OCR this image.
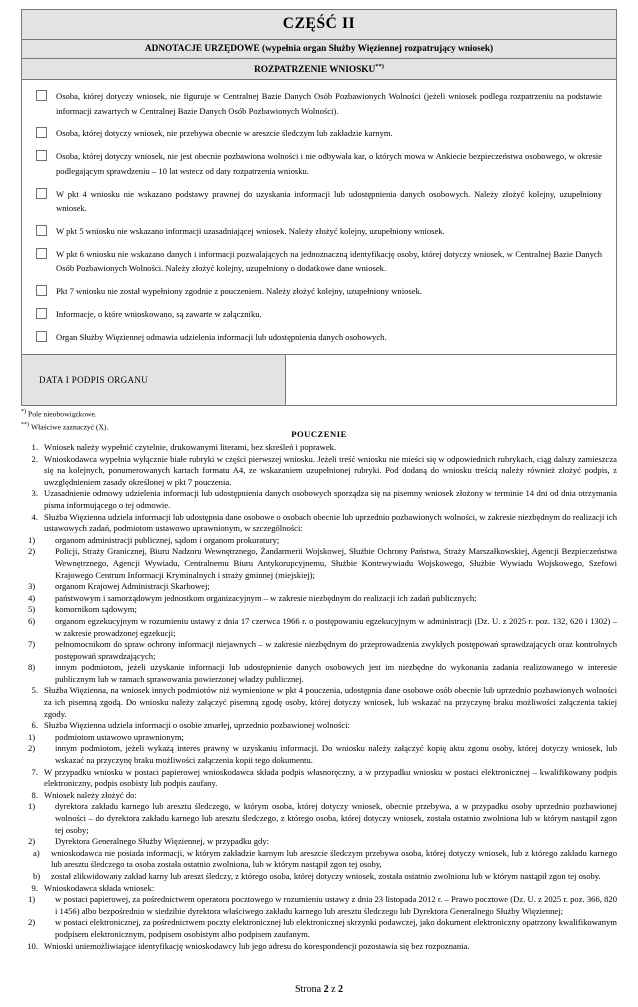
CZĘŚĆ II
ADNOTACJE URZĘDOWE (wypełnia organ Służby Więziennej rozpatrujący wniosek)
ROZPATRZENIE WNIOSKU**)
Osoba, której dotyczy wniosek, nie figuruje w Centralnej Bazie Danych Osób Pozbawionych Wolności (jeżeli wniosek podlega rozpatrzeniu na podstawie informacji zawartych w Centralnej Bazie Danych Osób Pozbawionych Wolności).
Osoba, której dotyczy wniosek, nie przebywa obecnie w areszcie śledczym lub zakładzie karnym.
Osoba, której dotyczy wniosek, nie jest obecnie pozbawiona wolności i nie odbywała kar, o których mowa w Ankiecie bezpieczeństwa osobowego, w okresie podlegającym sprawdzeniu – 10 lat wstecz od daty rozpatrzenia wniosku.
W pkt 4 wniosku nie wskazano podstawy prawnej do uzyskania informacji lub udostępnienia danych osobowych. Należy złożyć kolejny, uzupełniony wniosek.
W pkt 5 wniosku nie wskazano informacji uzasadniającej wniosek. Należy złożyć kolejny, uzupełniony wniosek.
W pkt 6 wniosku nie wskazano danych i informacji pozwalających na jednoznaczną identyfikację osoby, której dotyczy wniosek, w Centralnej Bazie Danych Osób Pozbawionych Wolności. Należy złożyć kolejny, uzupełniony o dodatkowe dane wniosek.
Pkt 7 wniosku nie został wypełniony zgodnie z pouczeniem. Należy złożyć kolejny, uzupełniony wniosek.
Informacje, o które wnioskowano, są zawarte w załączniku.
Organ Służby Więziennej odmawia udzielenia informacji lub udostępnienia danych osobowych.
DATA I PODPIS ORGANU
*) Pole nieobowiązkowe.
**) Właściwe zaznaczyć (X).
POUCZENIE
1. Wniosek należy wypełnić czytelnie, drukowanymi literami, bez skreśleń i poprawek.
2. Wnioskodawca wypełnia wyłącznie białe rubryki w części pierwszej wniosku. Jeżeli treść wniosku nie mieści się w odpowiednich rubrykach, ciąg dalszy zamieszcza się na kolejnych, ponumerowanych kartach formatu A4, ze wskazaniem uzupełnionej rubryki. Pod dodaną do wniosku treścią należy również złożyć podpis, z uwzględnieniem zasady określonej w pkt 7 pouczenia.
3. Uzasadnienie odmowy udzielenia informacji lub udostępnienia danych osobowych sporządza się na pisemny wniosek złożony w terminie 14 dni od dnia otrzymania pisma informującego o tej odmowie.
4. Służba Więzienna udziela informacji lub udostępnia dane osobowe o osobach obecnie lub uprzednio pozbawionych wolności, w zakresie niezbędnym do realizacji ich ustawowych zadań, podmiotom ustawowo uprawnionym, w szczególności:
1)	organom administracji publicznej, sądom i organom prokuratury;
2)	Policji, Straży Granicznej, Biuru Nadzoru Wewnętrznego, Żandarmerii Wojskowej, Służbie Ochrony Państwa, Straży Marszałkowskiej, Agencji Bezpieczeństwa Wewnętrznego, Agencji Wywiadu, Centralnemu Biuru Antykorupcyjnemu, Służbie Kontrwywiadu Wojskowego, Służbie Wywiadu Wojskowego, Szefowi Krajowego Centrum Informacji Kryminalnych i straży gminnej (miejskiej);
3)	organom Krajowej Administracji Skarbowej;
4)	państwowym i samorządowym jednostkom organizacyjnym – w zakresie niezbędnym do realizacji ich zadań publicznych;
5)	komornikom sądowym;
6)	organom egzekucyjnym w rozumieniu ustawy z dnia 17 czerwca 1966 r. o postępowaniu egzekucyjnym w administracji (Dz. U. z 2025 r. poz. 132, 620 i 1302) – w zakresie prowadzonej egzekucji;
7)	pełnomocnikom do spraw ochrony informacji niejawnych – w zakresie niezbędnym do przeprowadzenia zwykłych postępowań sprawdzających oraz kontrolnych postępowań sprawdzających;
8)	innym podmiotom, jeżeli uzyskanie informacji lub udostępnienie danych osobowych jest im niezbędne do wykonania zadania realizowanego w interesie publicznym lub w ramach sprawowania powierzonej władzy publicznej.
5. Służba Więzienna, na wniosek innych podmiotów niż wymienione w pkt 4 pouczenia, udostępnia dane osobowe osób obecnie lub uprzednio pozbawionych wolności za ich pisemną zgodą. Do wniosku należy załączyć pisemną zgodę osoby, której dotyczy wniosek, lub wskazać na przyczynę braku możliwości załączenia takiej zgody.
6. Służba Więzienna udziela informacji o osobie zmarłej, uprzednio pozbawionej wolności:
1)	podmiotom ustawowo uprawnionym;
2)	innym podmiotom, jeżeli wykażą interes prawny w uzyskaniu informacji. Do wniosku należy załączyć kopię aktu zgonu osoby, której dotyczy wniosek, lub wskazać na przyczynę braku możliwości załączenia kopii tego dokumentu.
7. W przypadku wniosku w postaci papierowej wnioskodawca składa podpis własnoręczny, a w przypadku wniosku w postaci elektronicznej – kwalifikowany podpis elektroniczny, podpis osobisty lub podpis zaufany.
8. Wniosek należy złożyć do:
1)	dyrektora zakładu karnego lub aresztu śledczego, w którym osoba, której dotyczy wniosek, obecnie przebywa, a w przypadku osoby uprzednio pozbawionej wolności – do dyrektora zakładu karnego lub aresztu śledczego, z którego osoba, której dotyczy wniosek, została ostatnio zwolniona lub w którym nastąpił zgon tej osoby;
2)	Dyrektora Generalnego Służby Więziennej, w przypadku gdy:
a)	wnioskodawca nie posiada informacji, w którym zakładzie karnym lub areszcie śledczym przebywa osoba, której dotyczy wniosek, lub z którego zakładu karnego lub aresztu śledczego ta osoba została ostatnio zwolniona, lub w którym nastąpił zgon tej osoby,
b)	został zlikwidowany zakład karny lub areszt śledczy, z którego osoba, której dotyczy wniosek, została ostatnio zwolniona lub w którym nastąpił zgon tej osoby.
9. Wnioskodawca składa wniosek:
1)	w postaci papierowej, za pośrednictwem operatora pocztowego w rozumieniu ustawy z dnia 23 listopada 2012 r. – Prawo pocztowe (Dz. U. z 2025 r. poz. 366, 820 i 1456) albo bezpośrednio w siedzibie dyrektora właściwego zakładu karnego lub aresztu śledczego lub Dyrektora Generalnego Służby Więziennej;
2)	w postaci elektronicznej, za pośrednictwem poczty elektronicznej lub elektronicznej skrzynki podawczej, jako dokument elektroniczny opatrzony kwalifikowanym podpisem elektronicznym, podpisem osobistym albo podpisem zaufanym.
10. Wnioski uniemożliwiające identyfikację wnioskodawcy lub jego adresu do korespondencji pozostawia się bez rozpoznania.
Strona 2 z 2
